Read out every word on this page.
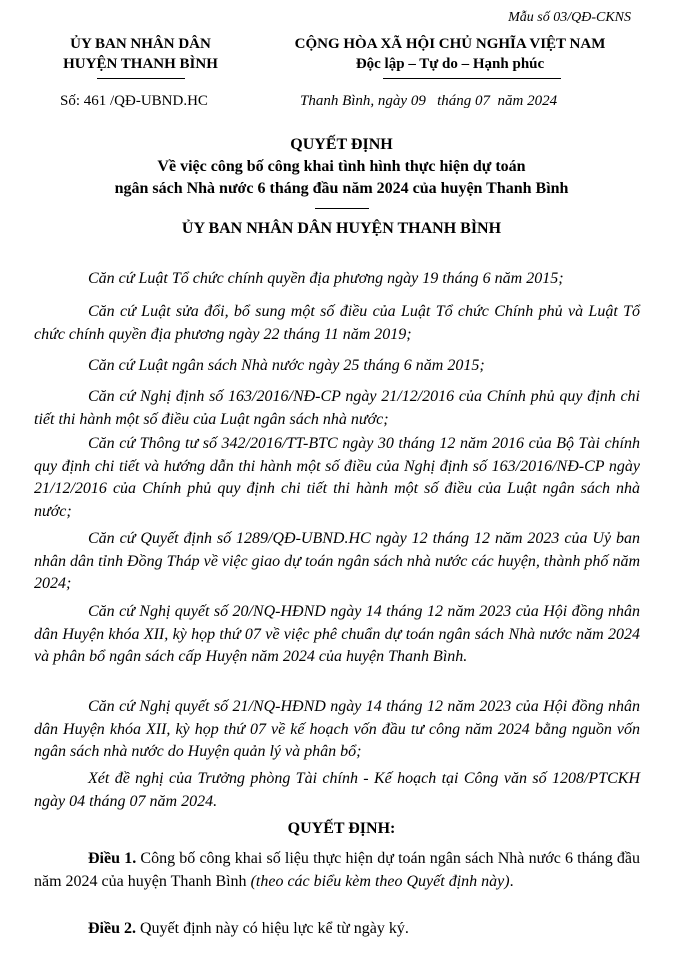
Mẫu số 03/QĐ-CKNS
ỦY BAN NHÂN DÂN
HUYỆN THANH BÌNH
CỘNG HÒA XÃ HỘI CHỦ NGHĨA VIỆT NAM
Độc lập – Tự do – Hạnh phúc
Số: 461 /QĐ-UBND.HC	Thanh Bình, ngày 09   tháng 07  năm 2024
QUYẾT ĐỊNH
Về việc công bố công khai tình hình thực hiện dự toán
ngân sách Nhà nước 6 tháng đầu năm 2024 của huyện Thanh Bình
ỦY BAN NHÂN DÂN HUYỆN THANH BÌNH
Căn cứ Luật Tổ chức chính quyền địa phương ngày 19 tháng 6 năm 2015;
Căn cứ Luật sửa đổi, bổ sung một số điều của Luật Tổ chức Chính phủ và Luật Tổ chức chính quyền địa phương ngày 22 tháng 11 năm 2019;
Căn cứ Luật ngân sách Nhà nước ngày 25 tháng 6 năm 2015;
Căn cứ Nghị định số 163/2016/NĐ-CP ngày 21/12/2016 của Chính phủ quy định chi tiết thi hành một số điều của Luật ngân sách nhà nước;
Căn cứ Thông tư số 342/2016/TT-BTC ngày 30 tháng 12 năm 2016 của Bộ Tài chính quy định chi tiết và hướng dẫn thi hành một số điều của Nghị định số 163/2016/NĐ-CP ngày 21/12/2016 của Chính phủ quy định chi tiết thi hành một số điều của Luật ngân sách nhà nước;
Căn cứ Quyết định số 1289/QĐ-UBND.HC ngày 12 tháng 12 năm 2023 của Uỷ ban nhân dân tỉnh Đồng Tháp về việc giao dự toán ngân sách nhà nước các huyện, thành phố năm 2024;
Căn cứ Nghị quyết số 20/NQ-HĐND ngày 14 tháng 12 năm 2023 của Hội đồng nhân dân Huyện khóa XII, kỳ họp thứ 07 về việc phê chuẩn dự toán ngân sách Nhà nước năm 2024 và phân bổ ngân sách cấp Huyện năm 2024 của huyện Thanh Bình.
Căn cứ Nghị quyết số 21/NQ-HĐND ngày 14 tháng 12 năm 2023 của Hội đồng nhân dân Huyện khóa XII, kỳ họp thứ 07 về kế hoạch vốn đầu tư công năm 2024 bằng nguồn vốn ngân sách nhà nước do Huyện quản lý và phân bổ;
Xét đề nghị của Trưởng phòng Tài chính - Kế hoạch tại Công văn số 1208/PTCKH ngày 04 tháng 07 năm 2024.
QUYẾT ĐỊNH:
Điều 1. Công bố công khai số liệu thực hiện dự toán ngân sách Nhà nước 6 tháng đầu năm 2024 của huyện Thanh Bình (theo các biểu kèm theo Quyết định này).
Điều 2. Quyết định này có hiệu lực kể từ ngày ký.
